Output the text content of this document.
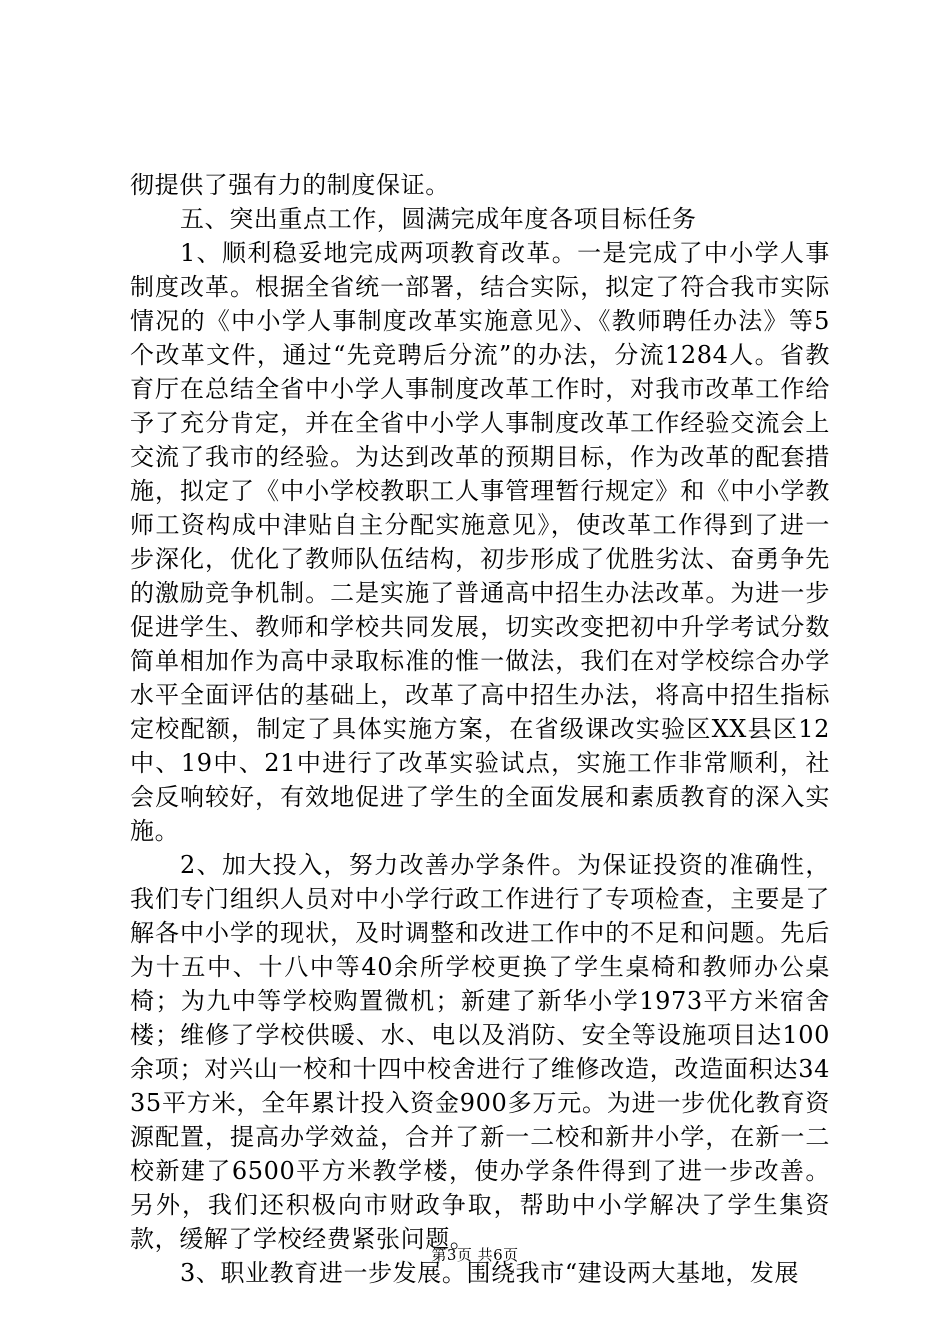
彻提供了强有力的制度保证。

五、突出重点工作，圆满完成年度各项目标任务

1、顺利稳妥地完成两项教育改革。一是完成了中小学人事制度改革。根据全省统一部署，结合实际，拟定了符合我市实际情况的《中小学人事制度改革实施意见》、《教师聘任办法》等5个改革文件，通过“先竞聘后分流”的办法，分流1284人。省教育厅在总结全省中小学人事制度改革工作时，对我市改革工作给予了充分肯定，并在全省中小学人事制度改革工作经验交流会上交流了我市的经验。为达到改革的预期目标，作为改革的配套措施，拟定了《中小学校教职工人事管理暂行规定》和《中小学教师工资构成中津贴自主分配实施意见》，使改革工作得到了进一步深化，优化了教师队伍结构，初步形成了优胜劣汰、奋勇争先的激励竞争机制。二是实施了普通高中招生办法改革。为进一步促进学生、教师和学校共同发展，切实改变把初中升学考试分数简单相加作为高中录取标准的惟一做法，我们在对学校综合办学水平全面评估的基础上，改革了高中招生办法，将高中招生指标定校配额，制定了具体实施方案，在省级课改实验区XX县区12中、19中、21中进行了改革实验试点，实施工作非常顺利，社会反响较好，有效地促进了学生的全面发展和素质教育的深入实施。

2、加大投入，努力改善办学条件。为保证投资的准确性，我们专门组织人员对中小学行政工作进行了专项检查，主要是了解各中小学的现状，及时调整和改进工作中的不足和问题。先后为十五中、十八中等40余所学校更换了学生桌椅和教师办公桌椅；为九中等学校购置微机；新建了新华小学1973平方米宿舍楼；维修了学校供暖、水、电以及消防、安全等设施项目达100余项；对兴山一校和十四中校舍进行了维修改造，改造面积达3435平方米，全年累计投入资金900多万元。为进一步优化教育资源配置，提高办学效益，合并了新一二校和新井小学，在新一二校新建了6500平方米教学楼，使办学条件得到了进一步改善。另外，我们还积极向市财政争取，帮助中小学解决了学生集资款，缓解了学校经费紧张问题。

3、职业教育进一步发展。围绕我市“建设两大基地，发展

第3页 共6页
